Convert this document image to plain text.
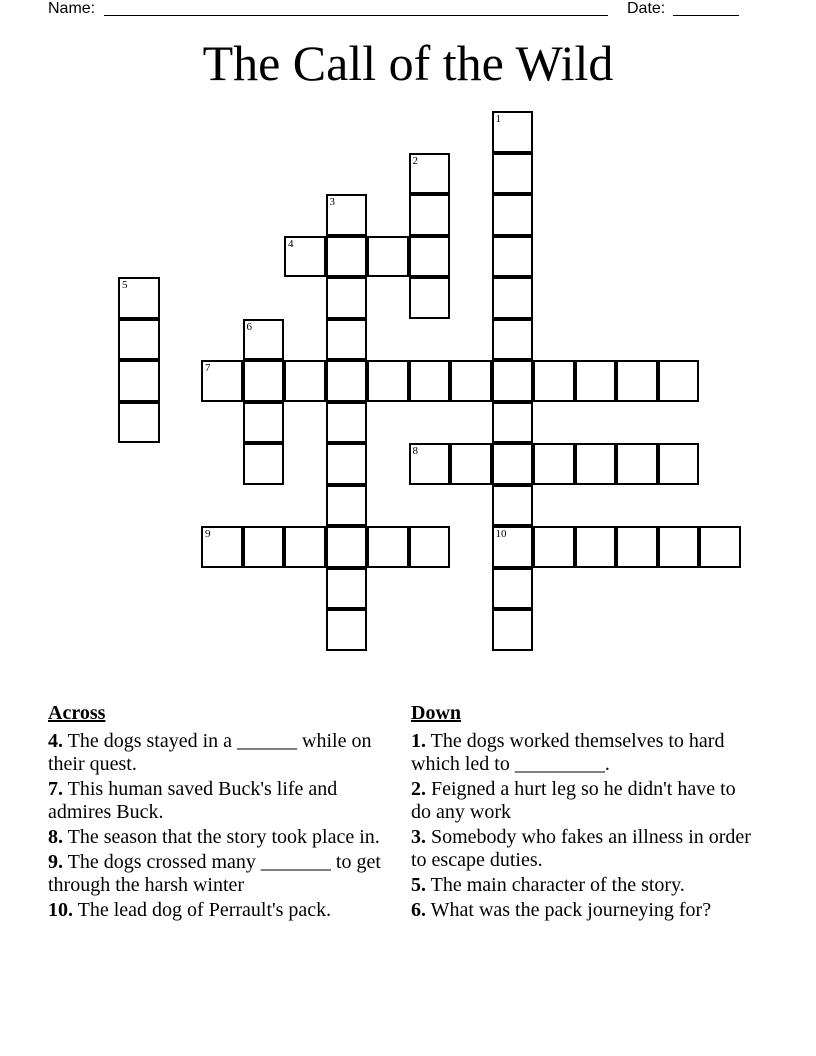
Name:	Date:
The Call of the Wild
1
10
2
3
4
5
6
7
8
9
Across
4. The dogs stayed in a ______ while on their quest.
7. This human saved Buck's life and admires Buck.
8. The season that the story took place in.
9. The dogs crossed many _______ to get through the harsh winter
10. The lead dog of Perrault's pack.
Down
1. The dogs worked themselves to hard which led to _________.
2. Feigned a hurt leg so he didn't have to do any work
3. Somebody who fakes an illness in order to escape duties.
5. The main character of the story.
6. What was the pack journeying for?
